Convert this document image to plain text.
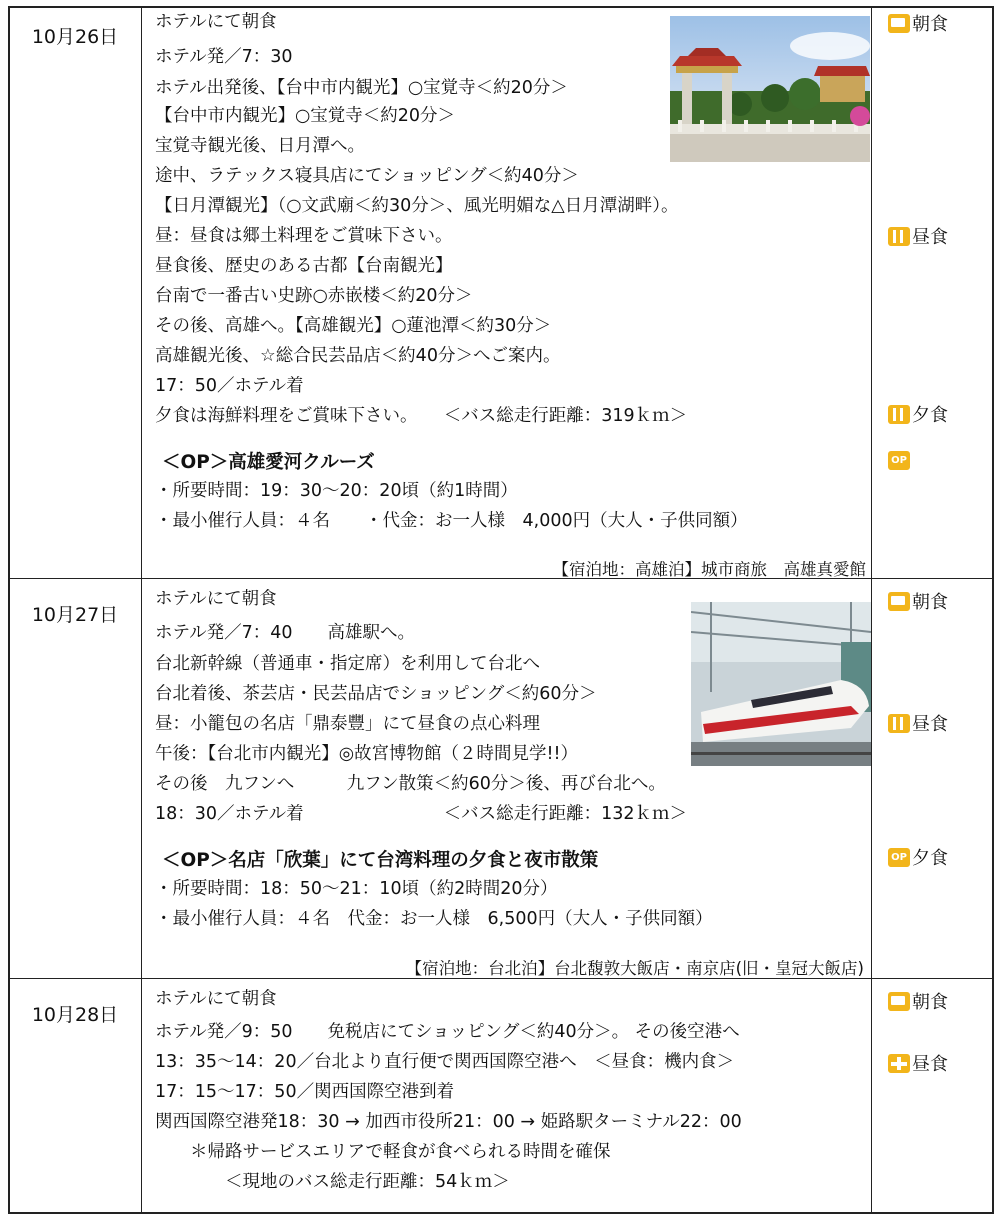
10月26日
ホテルにて朝食
ホテル発／7：30
ホテル出発後、【台中市内観光】○宝覚寺＜約20分＞
【台中市内観光】○宝覚寺＜約20分＞
宝覚寺観光後、日月潭へ。
途中、ラテックス寝具店にてショッピング＜約40分＞
【日月潭観光】（○文武廟＜約30分＞、風光明媚な△日月潭湖畔）。
昼：昼食は郷土料理をご賞味下さい。
昼食後、歴史のある古都【台南観光】
台南で一番古い史跡○赤嵌楼＜約20分＞
その後、高雄へ。【高雄観光】○蓮池潭＜約30分＞
高雄観光後、☆総合民芸品店＜約40分＞へご案内。
17：50／ホテル着
夕食は海鮮料理をご賞味下さい。　　＜バス総走行距離：319ｋｍ＞
＜OP＞高雄愛河クルーズ
・所要時間：19：30～20：20頃（約1時間）
・最小催行人員：４名　　・代金：お一人様　4,000円（大人・子供同額）
【宿泊地：高雄泊】城市商旅　高雄真愛館
朝食
昼食
夕食
OP
10月27日
ホテルにて朝食
ホテル発／7：40　　高雄駅へ。
台北新幹線（普通車・指定席）を利用して台北へ
台北着後、茶芸店・民芸品店でショッピング＜約60分＞
昼：小籠包の名店「鼎泰豐」にて昼食の点心料理
午後：【台北市内観光】◎故宮博物館（２時間見学!!）
その後　九フンへ　　　九フン散策＜約60分＞後、再び台北へ。
18：30／ホテル着　　　　　　　　＜バス総走行距離：132ｋｍ＞
＜OP＞名店「欣葉」にて台湾料理の夕食と夜市散策
・所要時間：18：50～21：10頃（約2時間20分）
・最小催行人員：４名　代金：お一人様　6,500円（大人・子供同額）
【宿泊地：台北泊】台北馥敦大飯店・南京店(旧・皇冠大飯店)
朝食
昼食
OP 夕食
10月28日
ホテルにて朝食
ホテル発／9：50　　免税店にてショッピング＜約40分＞。 その後空港へ
13：35～14：20／台北より直行便で関西国際空港へ　＜昼食：機内食＞
17：15～17：50／関西国際空港到着
関西国際空港発18：30 → 加西市役所21：00 → 姫路駅ターミナル22：00
　　＊帰路サービスエリアで軽食が食べられる時間を確保
　　　　＜現地のバス総走行距離：54ｋｍ＞
朝食
昼食
